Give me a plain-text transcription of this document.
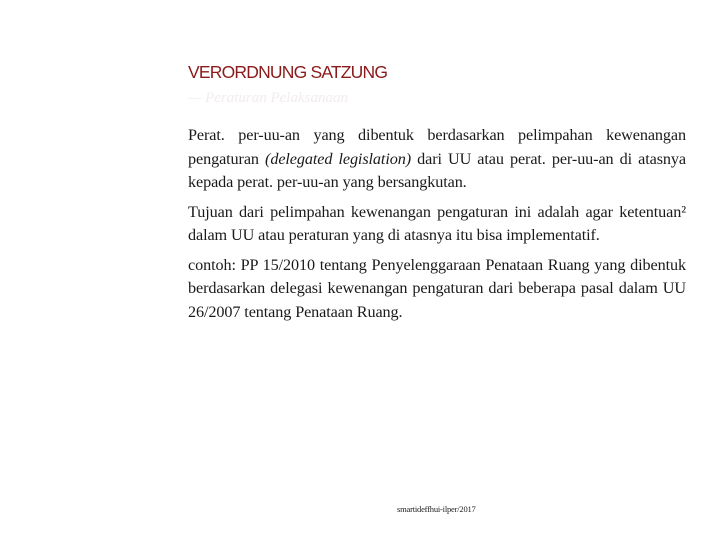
VERORDNUNG SATZUNG

— Peraturan Pelaksanaan

Perat. per-uu-an yang dibentuk berdasarkan pelimpahan kewenangan pengaturan (delegated legislation) dari UU atau perat. per-uu-an di atasnya kepada perat. per-uu-an yang bersangkutan.

Tujuan dari pelimpahan kewenangan pengaturan ini adalah agar ketentuan² dalam UU atau peraturan yang di atasnya itu bisa implementatif.

contoh: PP 15/2010 tentang Penyelenggaraan Penataan Ruang yang dibentuk berdasarkan delegasi kewenangan pengaturan dari beberapa pasal dalam UU 26/2007 tentang Penataan Ruang.

smartideffhui-ilper/2017
